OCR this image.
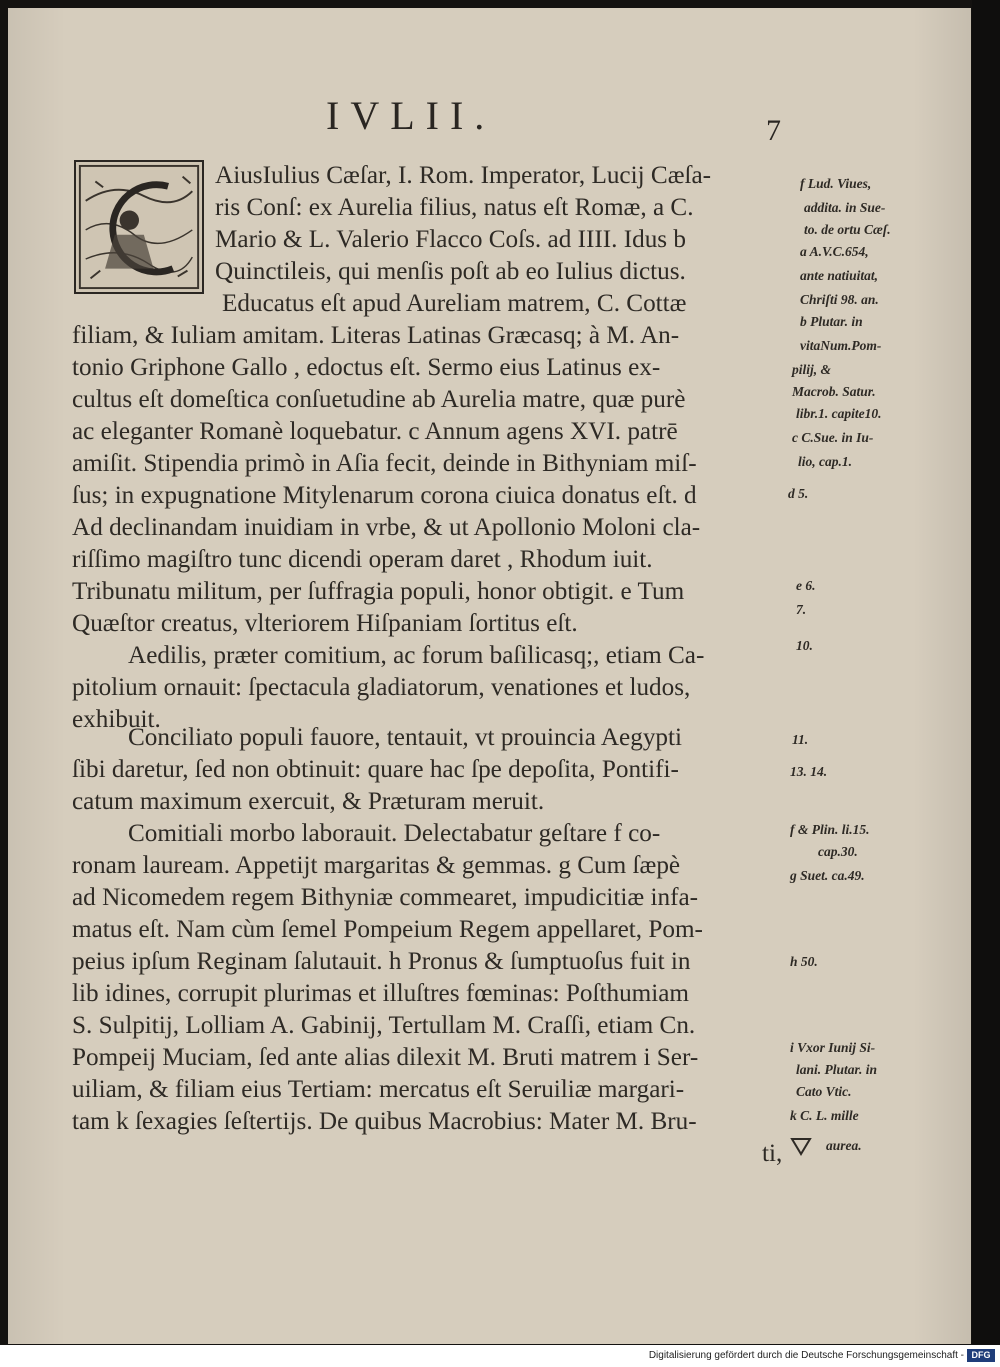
IVLII.	7
AiusIulius Cæſar, I. Rom. Imperator, Lucij Cæſa-
ris Conſ: ex Aurelia filius, natus eſt Romæ, a C.
Mario & L. Valerio Flacco Coſs. ad IIII. Idus b
Quinctileis, qui menſis poſt ab eo Iulius dictus.
Educatus eſt apud Aureliam matrem, C. Cottæ
filiam, & Iuliam amitam. Literas Latinas Græcasq; à M. An-
tonio Griphone Gallo , edoctus eſt. Sermo eius Latinus ex-
cultus eſt domeſtica conſuetudine ab Aurelia matre, quæ purè
ac eleganter Romanè loquebatur. c Annum agens XVI. patrē
amiſit. Stipendia primò in Aſia fecit, deinde in Bithyniam miſ-
ſus; in expugnatione Mitylenarum corona ciuica donatus eſt. d
Ad declinandam inuidiam in vrbe, & ut Apollonio Moloni cla-
riſſimo magiſtro tunc dicendi operam daret , Rhodum iuit.
Tribunatu militum, per ſuffragia populi, honor obtigit. e Tum
Quæſtor creatus, vlteriorem Hiſpaniam ſortitus eſt.
Aedilis, præter comitium, ac forum baſilicasq;, etiam Ca-
pitolium ornauit: ſpectacula gladiatorum, venationes et ludos,
exhibuit.
Conciliato populi fauore, tentauit, vt prouincia Aegypti
ſibi daretur, ſed non obtinuit: quare hac ſpe depoſita, Pontifi-
catum maximum exercuit, & Præturam meruit.
Comitiali morbo laborauit. Delectabatur geſtare f co-
ronam lauream. Appetijt margaritas & gemmas. g Cum ſæpè
ad Nicomedem regem Bithyniæ commearet, impudicitiæ infa-
matus eſt. Nam cùm ſemel Pompeium Regem appellaret, Pom-
peius ipſum Reginam ſalutauit. h Pronus & ſumptuoſus fuit in
lib idines, corrupit plurimas et illuſtres fœminas: Poſthumiam
S. Sulpitij, Lolliam A. Gabinij, Tertullam M. Craſſi, etiam Cn.
Pompeij Muciam, ſed ante alias dilexit M. Bruti matrem i Ser-
uiliam, & filiam eius Tertiam: mercatus eſt Seruiliæ margari-
tam k ſexagies ſeſtertijs. De quibus Macrobius: Mater M. Bru-
ti,
f Lud. Viues,
addita. in Sue-
to. de ortu Cæſ.
a A.V.C.654,
ante natiuitat,
Chriſti 98. an.
b Plutar. in
vitaNum.Pom-
pilij, &
Macrob. Satur.
libr.1. capite10.
c C.Sue. in Iu-
lio, cap.1.
d 5.
e 6.
7.
10.
11.
13. 14.
f & Plin. li.15.
cap.30.
g Suet. ca.49.
h 50.
i Vxor Iunij Si-
lani. Plutar. in
Cato Vtic.
k C. L. mille
aurea.
Digitalisierung gefördert durch die Deutsche Forschungsgemeinschaft - DFG
